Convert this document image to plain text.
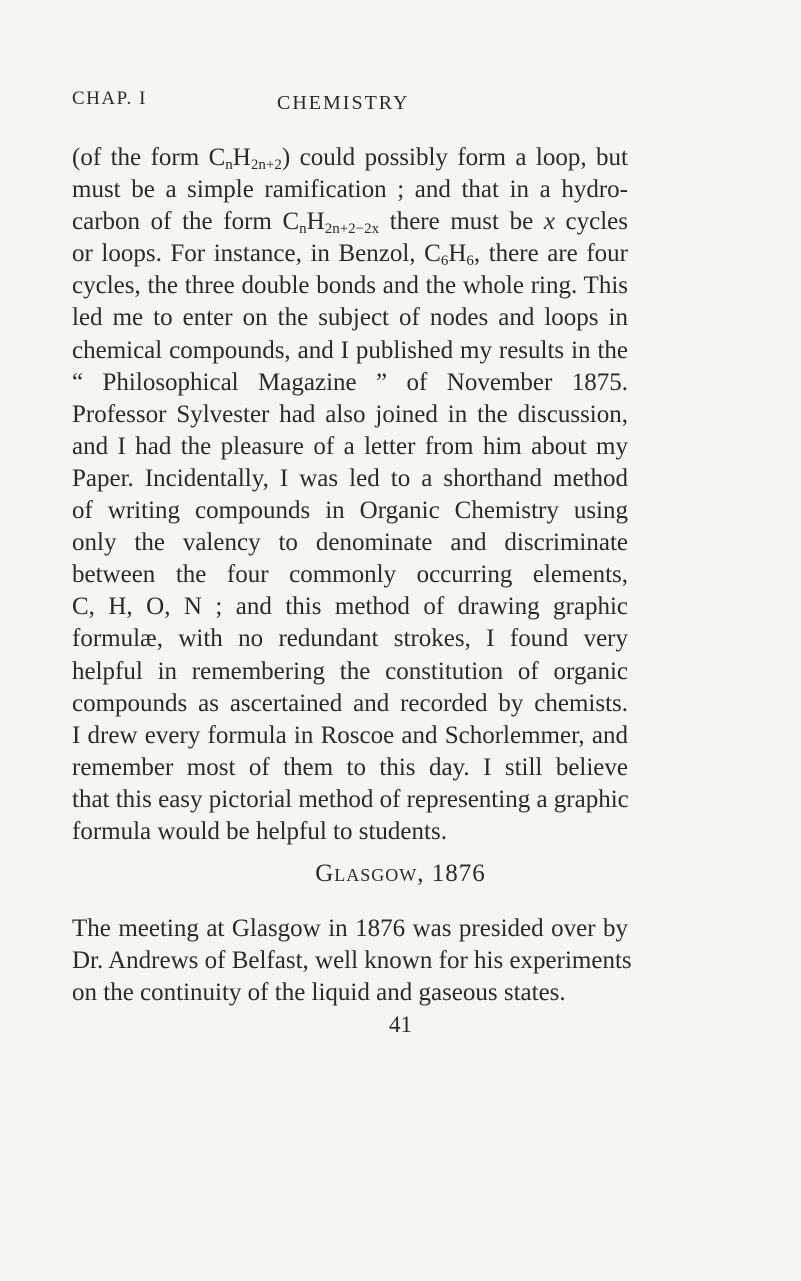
CHAP. I	CHEMISTRY
(of the form $C_nH_{2n+2}$) could possibly form a loop, but
must be a simple ramification ; and that in a hydro-
carbon of the form $C_nH_{2n+2-2x}$ there must be x cycles
or loops. For instance, in Benzol, $C_6H_6$, there are four
cycles, the three double bonds and the whole ring. This
led me to enter on the subject of nodes and loops in
chemical compounds, and I published my results in the
“ Philosophical Magazine ” of November 1875.
Professor Sylvester had also joined in the discussion,
and I had the pleasure of a letter from him about my
Paper. Incidentally, I was led to a shorthand method
of writing compounds in Organic Chemistry using
only the valency to denominate and discriminate
between the four commonly occurring elements,
C, H, O, N ; and this method of drawing graphic
formulæ, with no redundant strokes, I found very
helpful in remembering the constitution of organic
compounds as ascertained and recorded by chemists.
I drew every formula in Roscoe and Schorlemmer, and
remember most of them to this day. I still believe
that this easy pictorial method of representing a graphic
formula would be helpful to students.
Glasgow, 1876
The meeting at Glasgow in 1876 was presided over by
Dr. Andrews of Belfast, well known for his experiments
on the continuity of the liquid and gaseous states.
41
